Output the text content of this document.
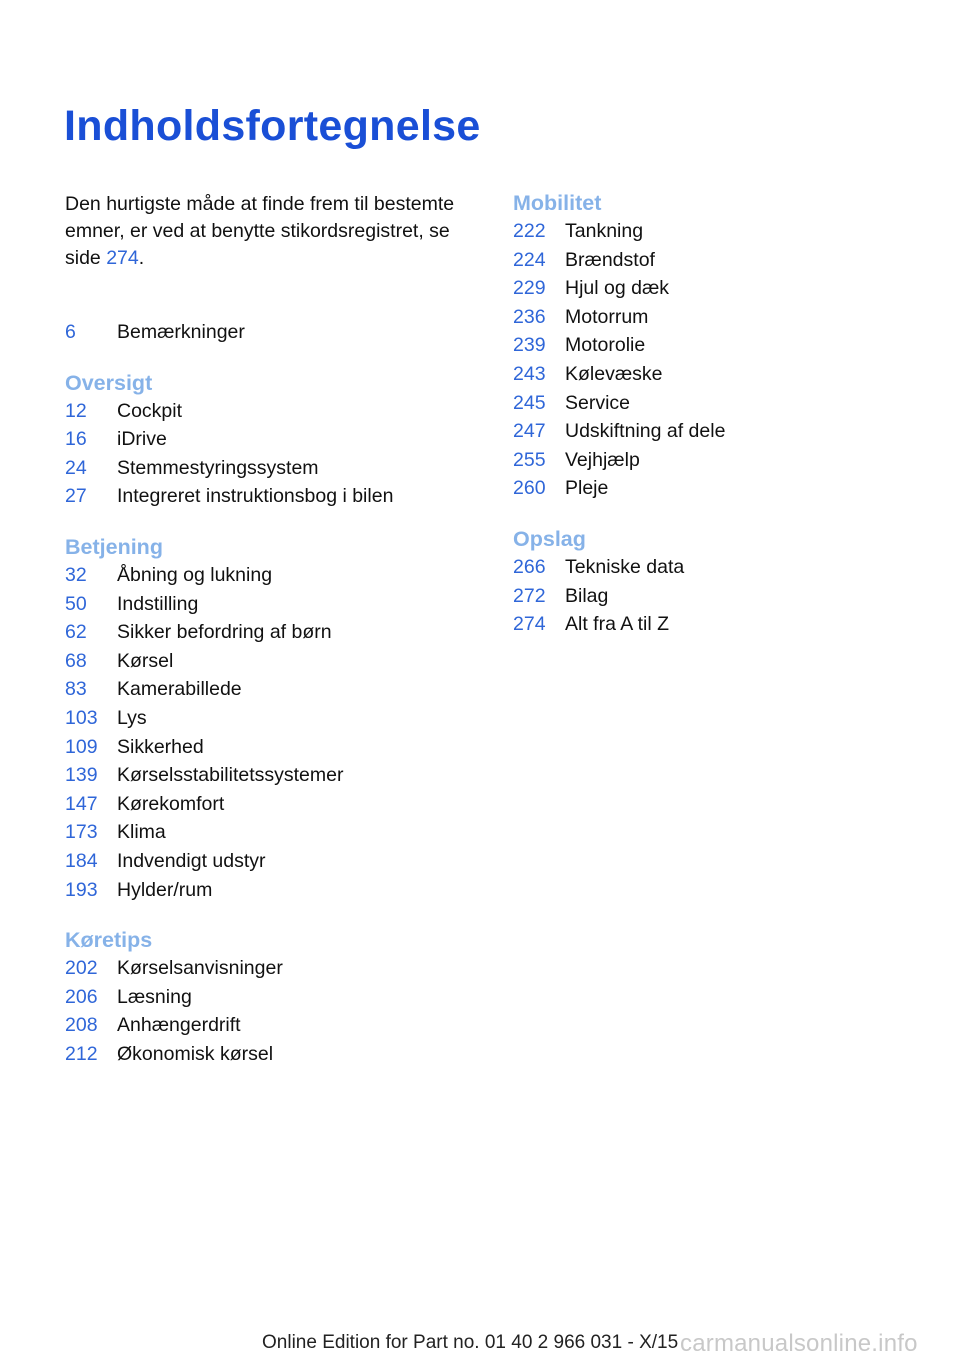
Indholdsfortegnelse

Den hurtigste måde at finde frem til bestemte emner, er ved at benytte stikordsregistret, se side 274.

6	Bemærkninger
Oversigt
12	Cockpit
16	iDrive
24	Stemmestyringssystem
27	Integreret instruktionsbog i bilen
Betjening
32	Åbning og lukning
50	Indstilling
62	Sikker befordring af børn
68	Kørsel
83	Kamerabillede
103 Lys
109 Sikkerhed
139 Kørselsstabilitetssystemer
147 Kørekomfort
173 Klima
184 Indvendigt udstyr
193 Hylder/rum
Køretips
202 Kørselsanvisninger
206 Læsning
208 Anhængerdrift
212 Økonomisk kørsel
Mobilitet
222 Tankning
224 Brændstof
229 Hjul og dæk
236 Motorrum
239 Motorolie
243 Kølevæske
245 Service
247 Udskiftning af dele
255 Vejhjælp
260 Pleje
Opslag
266 Tekniske data
272 Bilag
274 Alt fra A til Z
Online Edition for Part no. 01 40 2 966 031 - X/15 carmanualsonline.info
